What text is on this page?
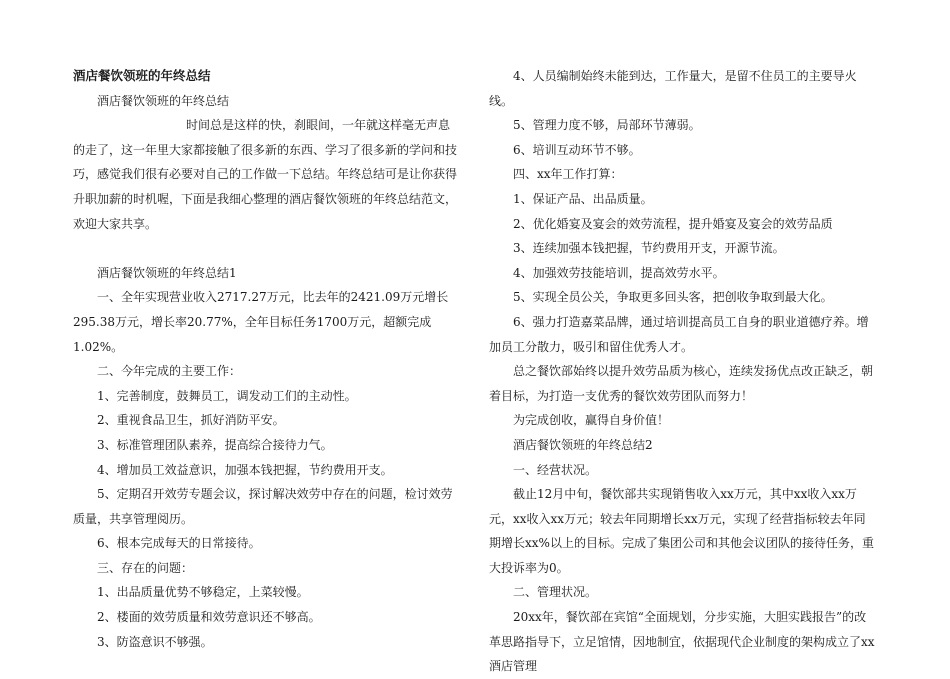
酒店餐饮领班的年终总结

酒店餐饮领班的年终总结

时间总是这样的快，刹眼间，一年就这样毫无声息的走了，这一年里大家都接触了很多新的东西、学习了很多新的学问和技巧，感觉我们很有必要对自己的工作做一下总结。年终总结可是让你获得升职加薪的时机喔，下面是我细心整理的酒店餐饮领班的年终总结范文，欢迎大家共享。

酒店餐饮领班的年终总结1

一、全年实现营业收入2717.27万元，比去年的2421.09万元增长295.38万元，增长率20.77%，全年目标任务1700万元，超额完成1.02%。

二、今年完成的主要工作：

1、完善制度，鼓舞员工，调发动工们的主动性。

2、重视食品卫生，抓好消防平安。

3、标准管理团队素养，提高综合接待力气。

4、增加员工效益意识，加强本钱把握，节约费用开支。

5、定期召开效劳专题会议，探讨解决效劳中存在的问题，检讨效劳质量，共享管理阅历。

6、根本完成每天的日常接待。

三、存在的问题：

1、出品质量优势不够稳定，上菜较慢。

2、楼面的效劳质量和效劳意识还不够高。

3、防盗意识不够强。

4、人员编制始终未能到达，工作量大，是留不住员工的主要导火线。

5、管理力度不够，局部环节薄弱。

6、培训互动环节不够。

四、xx年工作打算：

1、保证产品、出品质量。

2、优化婚宴及宴会的效劳流程，提升婚宴及宴会的效劳品质

3、连续加强本钱把握，节约费用开支，开源节流。

4、加强效劳技能培训，提高效劳水平。

5、实现全员公关，争取更多回头客，把创收争取到最大化。

6、强力打造嘉菜品牌，通过培训提高员工自身的职业道德疗养。增加员工分散力，吸引和留住优秀人才。

总之餐饮部始终以提升效劳品质为核心，连续发扬优点改正缺乏，朝着目标，为打造一支优秀的餐饮效劳团队而努力！

为完成创收，赢得自身价值！

酒店餐饮领班的年终总结2

一、经营状况。

截止12月中旬，餐饮部共实现销售收入xx万元，其中xx收入xx万元，xx收入xx万元；较去年同期增长xx万元，实现了经营指标较去年同期增长xx%以上的目标。完成了集团公司和其他会议团队的接待任务，重大投诉率为0。

二、管理状况。

20xx年，餐饮部在宾馆“全面规划，分步实施，大胆实践报告”的改革思路指导下，立足馆情，因地制宜，依据现代企业制度的架构成立了xx酒店管理
